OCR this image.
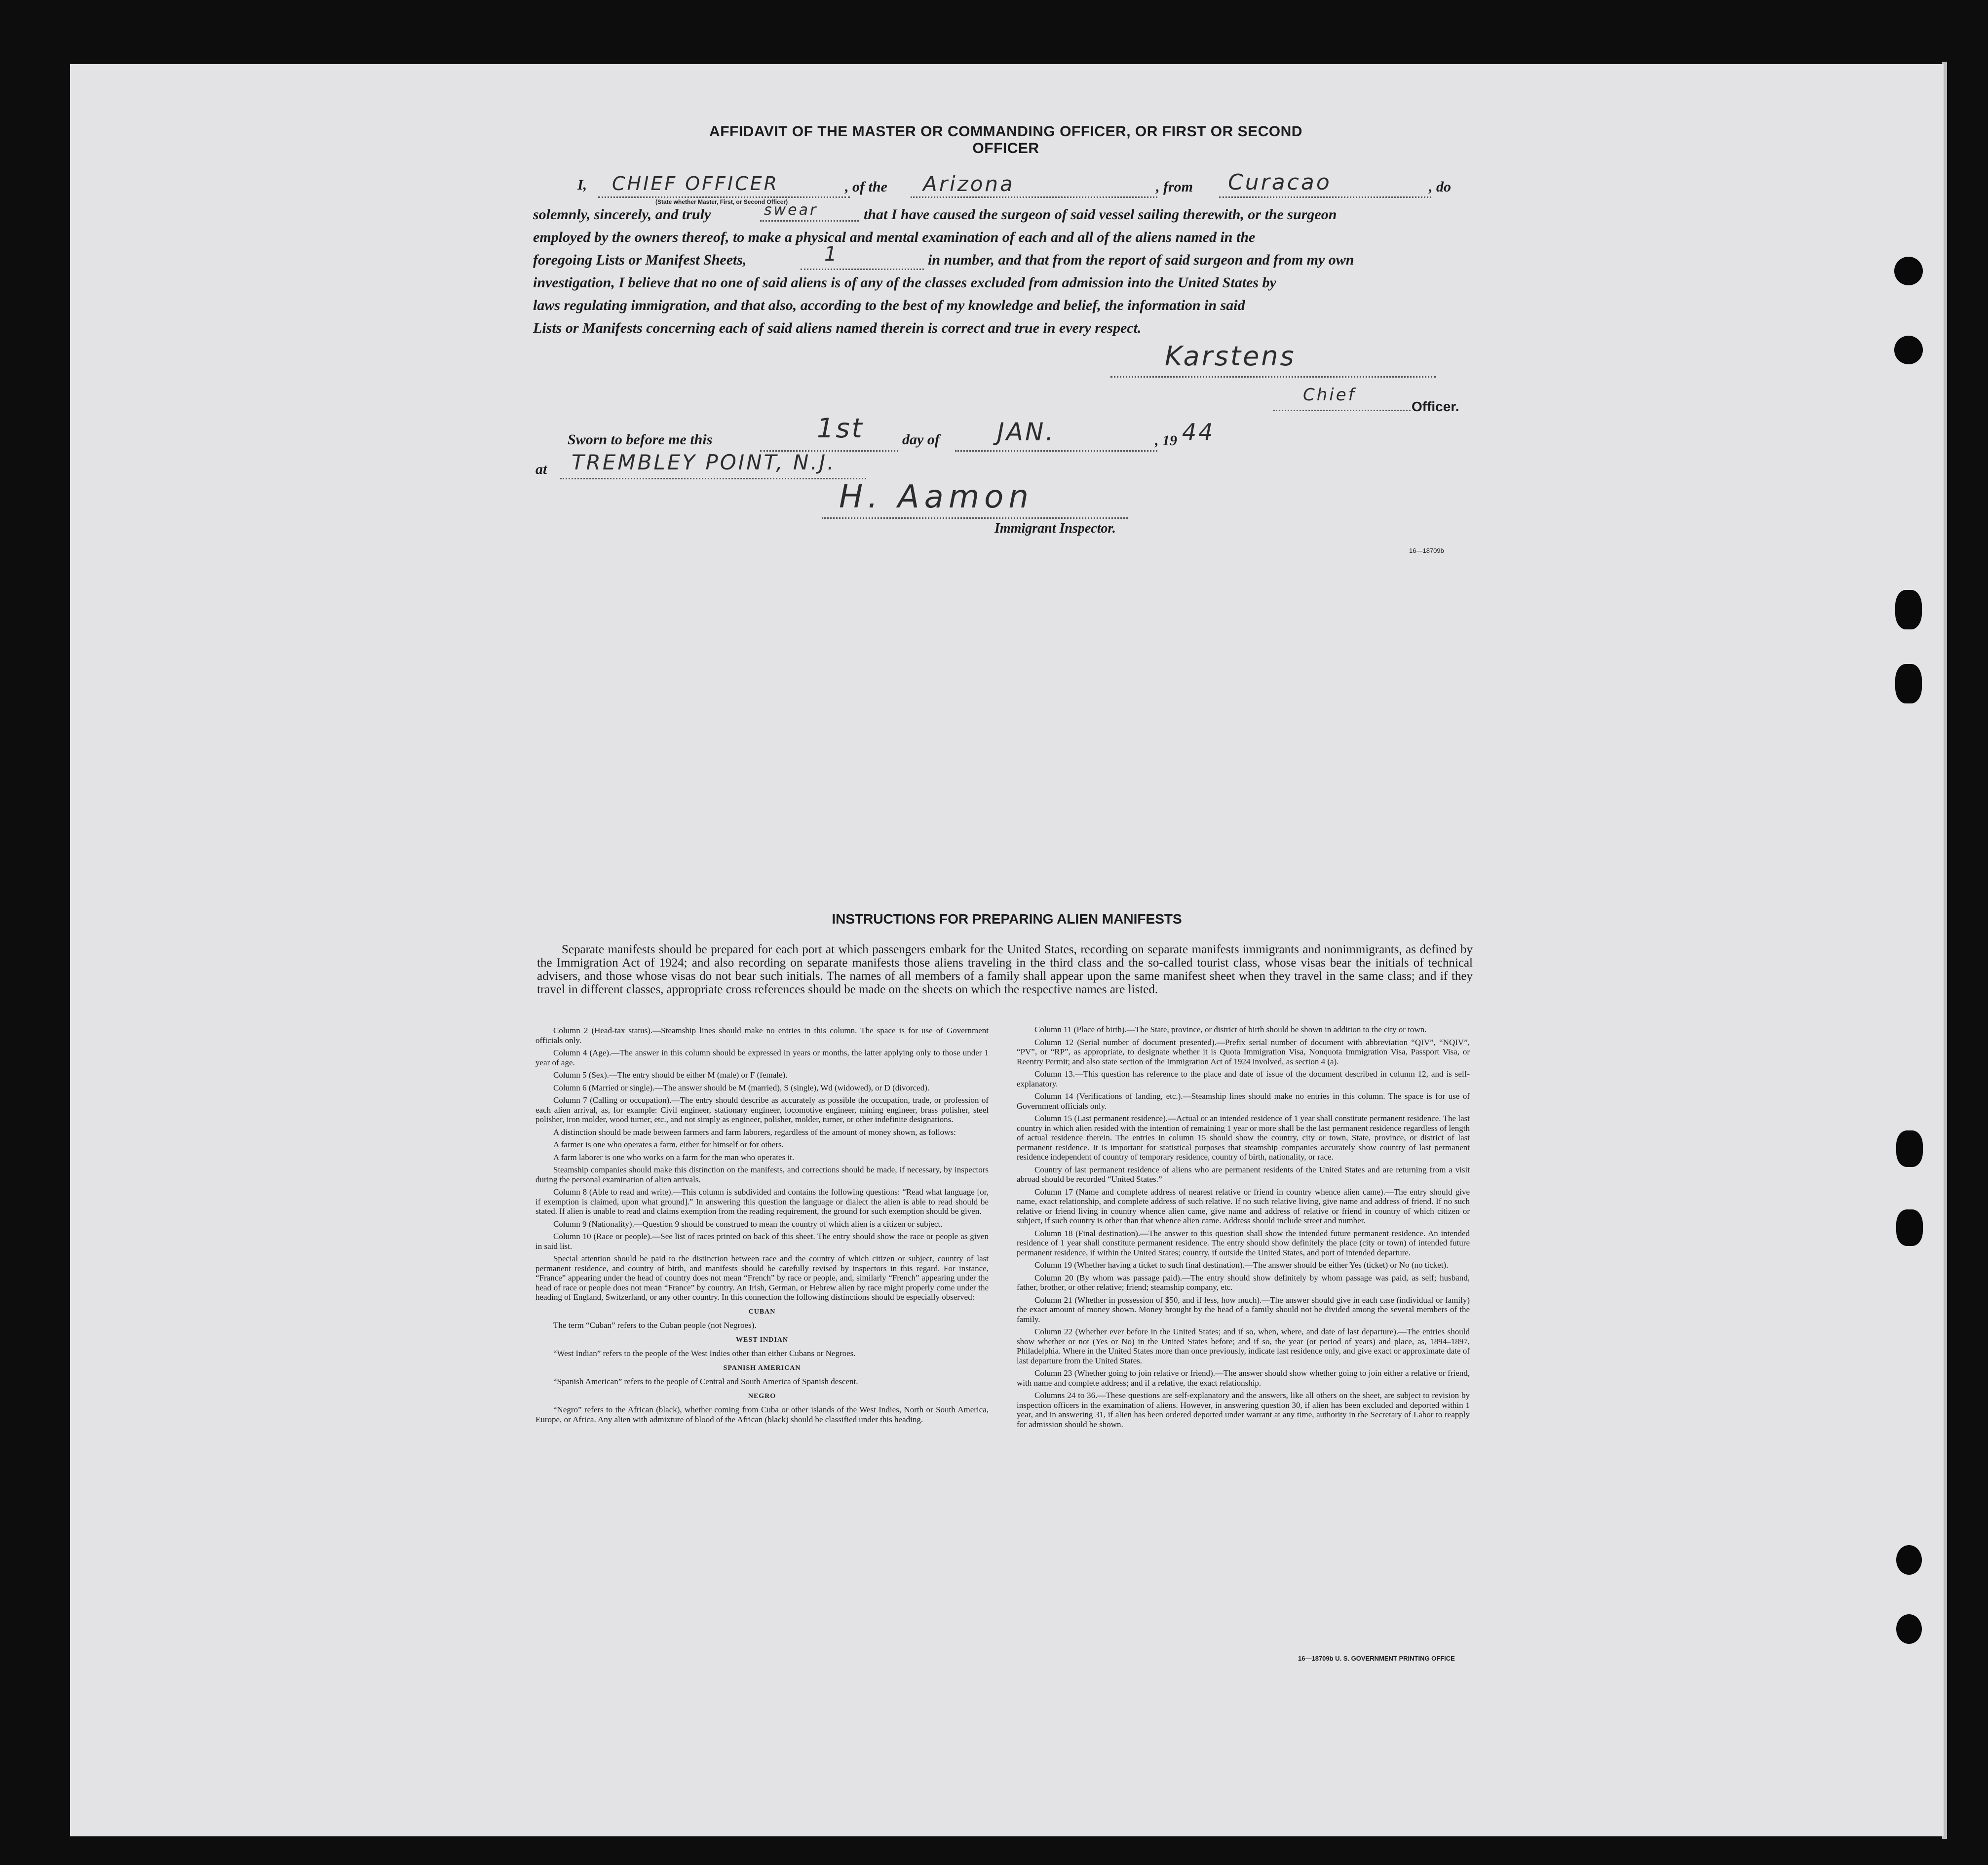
AFFIDAVIT OF THE MASTER OR COMMANDING OFFICER, OR FIRST OR SECOND OFFICER
I, CHIEF OFFICER
(State whether Master, First, or Second Officer)
, of the Arizona	, from Curacao	, do
solemnly, sincerely, and truly	swear	that I have caused the surgeon of said vessel sailing therewith, or the surgeon
employed by the owners thereof, to make a physical and mental examination of each and all of the aliens named in the
foregoing Lists or Manifest Sheets,	1	in number, and that from the report of said surgeon and from my own
investigation, I believe that no one of said aliens is of any of the classes excluded from admission into the United States by
laws regulating immigration, and that also, according to the best of my knowledge and belief, the information in said
Lists or Manifests concerning each of said aliens named therein is correct and true in every respect.
Karstens
Chief
Officer.
Sworn to before me this	1st	day of JAN.	, 19 44
at TREMBLEY POINT, N.J.
H. Aamon
Immigrant Inspector.
16—18709b
INSTRUCTIONS FOR PREPARING ALIEN MANIFESTS
Separate manifests should be prepared for each port at which passengers embark for the United States, recording on separate manifests immigrants and nonimmigrants, as defined by the Immigration Act of 1924; and also recording on separate manifests those aliens traveling in the third class and the so-called tourist class, whose visas bear the initials of technical advisers, and those whose visas do not bear such initials. The names of all members of a family shall appear upon the same manifest sheet when they travel in the same class; and if they travel in different classes, appropriate cross references should be made on the sheets on which the respective names are listed.

Column 2 (Head-tax status).—Steamship lines should make no entries in this column. The space is for use of Government officials only.

Column 4 (Age).—The answer in this column should be expressed in years or months, the latter applying only to those under 1 year of age.

Column 5 (Sex).—The entry should be either M (male) or F (female).

Column 6 (Married or single).—The answer should be M (married), S (single), Wd (widowed), or D (divorced).

Column 7 (Calling or occupation).—The entry should describe as accurately as possible the occupation, trade, or profession of each alien arrival, as, for example: Civil engineer, stationary engineer, locomotive engineer, mining engineer, brass polisher, steel polisher, iron molder, wood turner, etc., and not simply as engineer, polisher, molder, turner, or other indefinite designations.

A distinction should be made between farmers and farm laborers, regardless of the amount of money shown, as follows:

A farmer is one who operates a farm, either for himself or for others.

A farm laborer is one who works on a farm for the man who operates it.

Steamship companies should make this distinction on the manifests, and corrections should be made, if necessary, by inspectors during the personal examination of alien arrivals.

Column 8 (Able to read and write).—This column is subdivided and contains the following questions: “Read what language [or, if exemption is claimed, upon what ground].” In answering this question the language or dialect the alien is able to read should be stated. If alien is unable to read and claims exemption from the reading requirement, the ground for such exemption should be given.

Column 9 (Nationality).—Question 9 should be construed to mean the country of which alien is a citizen or subject.

Column 10 (Race or people).—See list of races printed on back of this sheet. The entry should show the race or people as given in said list.

Special attention should be paid to the distinction between race and the country of which citizen or subject, country of last permanent residence, and country of birth, and manifests should be carefully revised by inspectors in this regard. For instance, “France” appearing under the head of country does not mean “French” by race or people, and, similarly “French” appearing under the head of race or people does not mean “France” by country. An Irish, German, or Hebrew alien by race might properly come under the heading of England, Switzerland, or any other country. In this connection the following distinctions should be especially observed:

CUBAN

The term “Cuban” refers to the Cuban people (not Negroes).

WEST INDIAN

“West Indian” refers to the people of the West Indies other than either Cubans or Negroes.

SPANISH AMERICAN

“Spanish American” refers to the people of Central and South America of Spanish descent.

NEGRO

“Negro” refers to the African (black), whether coming from Cuba or other islands of the West Indies, North or South America, Europe, or Africa. Any alien with admixture of blood of the African (black) should be classified under this heading.

Column 11 (Place of birth).—The State, province, or district of birth should be shown in addition to the city or town.

Column 12 (Serial number of document presented).—Prefix serial number of document with abbreviation “QIV”, “NQIV”, “PV”, or “RP”, as appropriate, to designate whether it is Quota Immigration Visa, Nonquota Immigration Visa, Passport Visa, or Reentry Permit; and also state section of the Immigration Act of 1924 involved, as section 4 (a).

Column 13.—This question has reference to the place and date of issue of the document described in column 12, and is self-explanatory.

Column 14 (Verifications of landing, etc.).—Steamship lines should make no entries in this column. The space is for use of Government officials only.

Column 15 (Last permanent residence).—Actual or an intended residence of 1 year shall constitute permanent residence. The last country in which alien resided with the intention of remaining 1 year or more shall be the last permanent residence regardless of length of actual residence therein. The entries in column 15 should show the country, city or town, State, province, or district of last permanent residence. It is important for statistical purposes that steamship companies accurately show country of last permanent residence independent of country of temporary residence, country of birth, nationality, or race.

Country of last permanent residence of aliens who are permanent residents of the United States and are returning from a visit abroad should be recorded “United States.”

Column 17 (Name and complete address of nearest relative or friend in country whence alien came).—The entry should give name, exact relationship, and complete address of such relative. If no such relative living, give name and address of friend. If no such relative or friend living in country whence alien came, give name and address of relative or friend in country of which citizen or subject, if such country is other than that whence alien came. Address should include street and number.

Column 18 (Final destination).—The answer to this question shall show the intended future permanent residence. An intended residence of 1 year shall constitute permanent residence. The entry should show definitely the place (city or town) of intended future permanent residence, if within the United States; country, if outside the United States, and port of intended departure.

Column 19 (Whether having a ticket to such final destination).—The answer should be either Yes (ticket) or No (no ticket).

Column 20 (By whom was passage paid).—The entry should show definitely by whom passage was paid, as self; husband, father, brother, or other relative; friend; steamship company, etc.

Column 21 (Whether in possession of $50, and if less, how much).—The answer should give in each case (individual or family) the exact amount of money shown. Money brought by the head of a family should not be divided among the several members of the family.

Column 22 (Whether ever before in the United States; and if so, when, where, and date of last departure).—The entries should show whether or not (Yes or No) in the United States before; and if so, the year (or period of years) and place, as, 1894–1897, Philadelphia. Where in the United States more than once previously, indicate last residence only, and give exact or approximate date of last departure from the United States.

Column 23 (Whether going to join relative or friend).—The answer should show whether going to join either a relative or friend, with name and complete address; and if a relative, the exact relationship.

Columns 24 to 36.—These questions are self-explanatory and the answers, like all others on the sheet, are subject to revision by inspection officers in the examination of aliens. However, in answering question 30, if alien has been excluded and deported within 1 year, and in answering 31, if alien has been ordered deported under warrant at any time, authority in the Secretary of Labor to reapply for admission should be shown.

16—18709b U. S. GOVERNMENT PRINTING OFFICE
